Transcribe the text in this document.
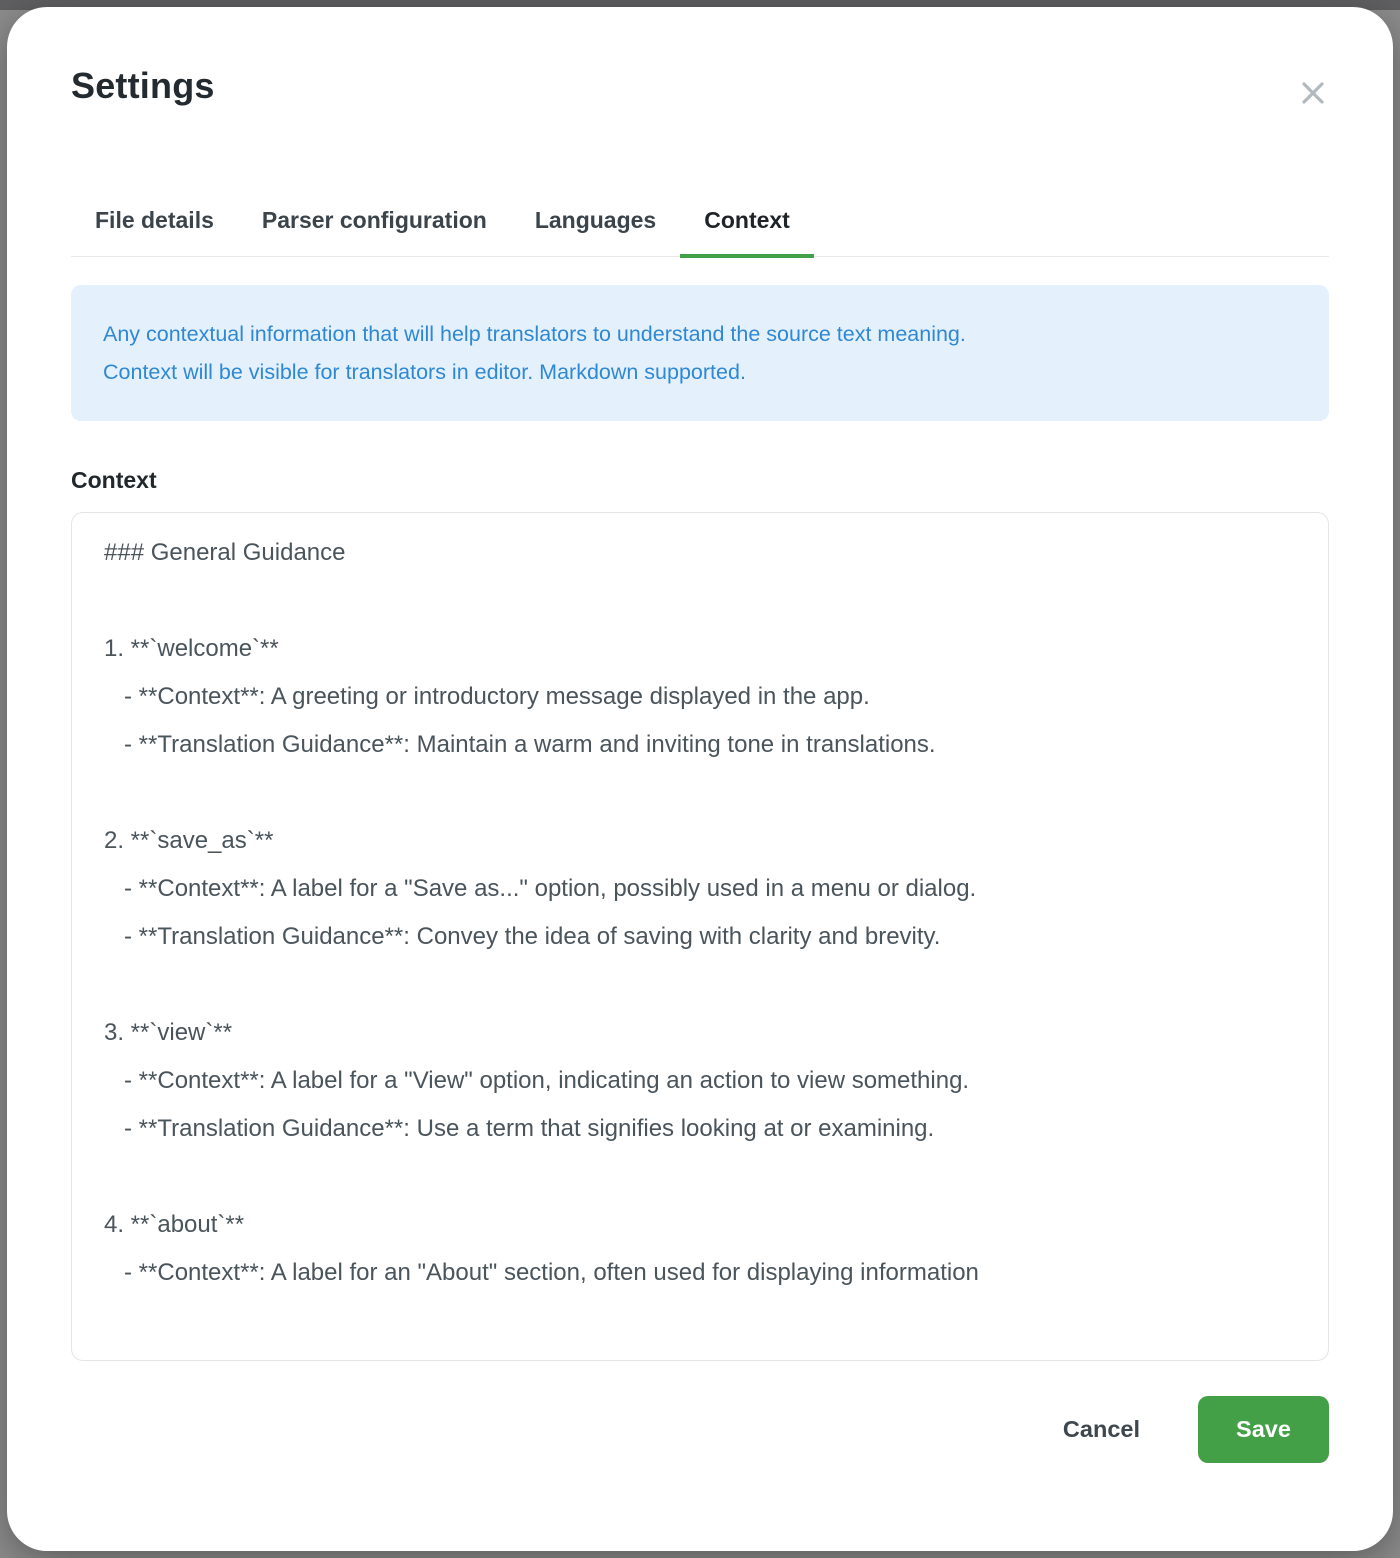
Settings
File details	Parser configuration	Languages	Context
Any contextual information that will help translators to understand the source text meaning.
Context will be visible for translators in editor. Markdown supported.
Context
### General Guidance 1. **`welcome`** - **Context**: A greeting or introductory message displayed in the app. - **Translation Guidance**: Maintain a warm and inviting tone in translations. 2. **`save_as`** - **Context**: A label for a "Save as..." option, possibly used in a menu or dialog. - **Translation Guidance**: Convey the idea of saving with clarity and brevity. 3. **`view`** - **Context**: A label for a "View" option, indicating an action to view something. - **Translation Guidance**: Use a term that signifies looking at or examining. 4. **`about`** - **Context**: A label for an "About" section, often used for displaying information
Cancel	Save
